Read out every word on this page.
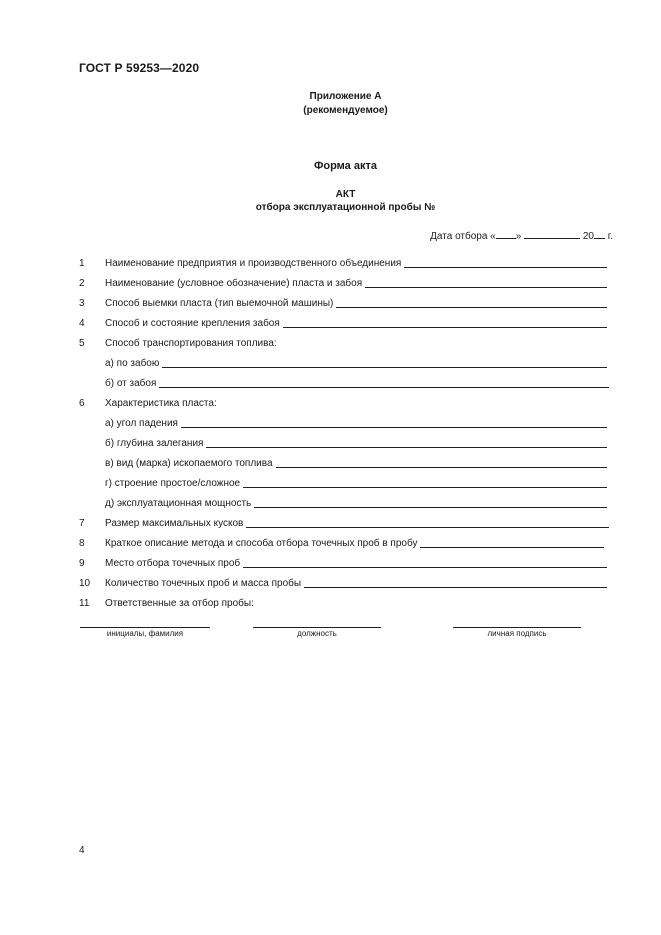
ГОСТ Р 59253—2020
Приложение А
(рекомендуемое)
Форма акта
АКТ
отбора эксплуатационной пробы №
Дата отбора « »	20 г.
1	Наименование предприятия и производственного объединения
2	Наименование (условное обозначение) пласта и забоя
3	Способ выемки пласта (тип выемочной машины)
4	Способ и состояние крепления забоя
5	Способ транспортирования топлива:
а) по забою
б) от забоя
6	Характеристика пласта:
а) угол падения
б) глубина залегания
в) вид (марка) ископаемого топлива
г) строение простое/сложное
д) эксплуатационная мощность
7	Размер максимальных кусков
8	Краткое описание метода и способа отбора точечных проб в пробу
9	Место отбора точечных проб
10	Количество точечных проб и масса пробы
11	Ответственные за отбор пробы:
инициалы, фамилия	должность	личная подпись
4
